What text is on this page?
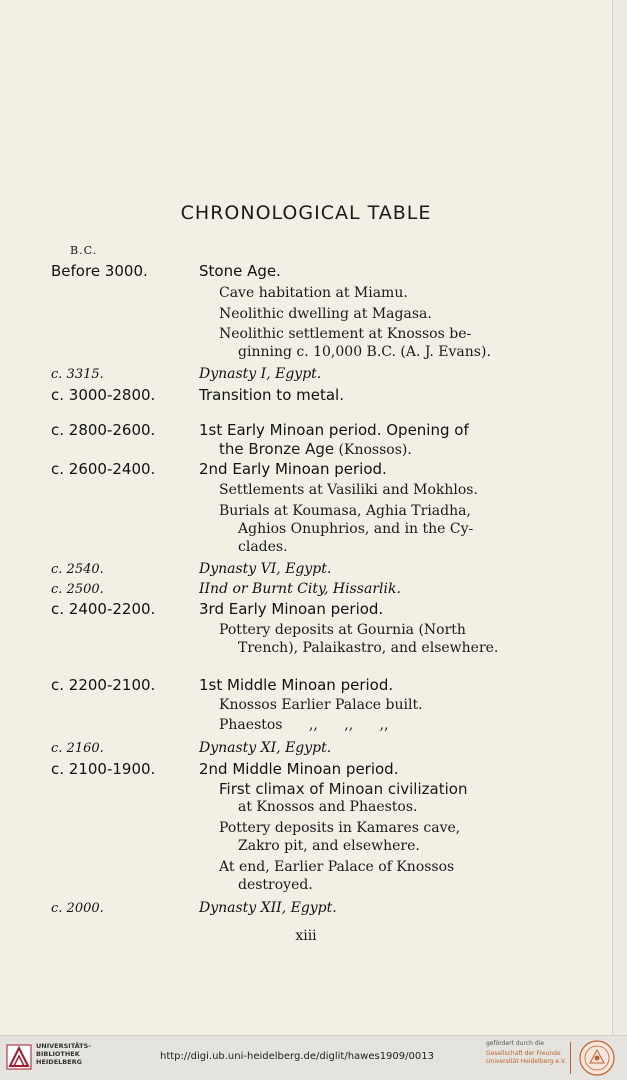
CHRONOLOGICAL TABLE
B.C.
Before 3000.	Stone Age.
Cave habitation at Miamu.
Neolithic dwelling at Magasa.
Neolithic settlement at Knossos be-
ginning c. 10,000 B.C. (A. J. Evans).
c. 3315.	Dynasty I, Egypt.
c. 3000-2800.	Transition to metal.
c. 2800-2600.	1st Early Minoan period. Opening of
the Bronze Age (Knossos).
c. 2600-2400.	2nd Early Minoan period.
Settlements at Vasiliki and Mokhlos.
Burials at Koumasa, Aghia Triadha,
Aghios Onuphrios, and in the Cy-
clades.
c. 2540.	Dynasty VI, Egypt.
c. 2500.	IInd or Burnt City, Hissarlik.
c. 2400-2200.	3rd Early Minoan period.
Pottery deposits at Gournia (North
Trench), Palaikastro, and elsewhere.
c. 2200-2100.	1st Middle Minoan period.
Knossos Earlier Palace built.
Phaestos ,, ,, ,,
c. 2160.	Dynasty XI, Egypt.
c. 2100-1900.	2nd Middle Minoan period.
First climax of Minoan civilization
at Knossos and Phaestos.
Pottery deposits in Kamares cave,
Zakro pit, and elsewhere.
At end, Earlier Palace of Knossos
destroyed.
c. 2000.	Dynasty XII, Egypt.
xiii
UNIVERSITÄTS-
BIBLIOTHEK
HEIDELBERG	http://digi.ub.uni-heidelberg.de/diglit/hawes1909/0013
gefördert durch die
Gesellschaft der Freunde
Universität Heidelberg e.V.
